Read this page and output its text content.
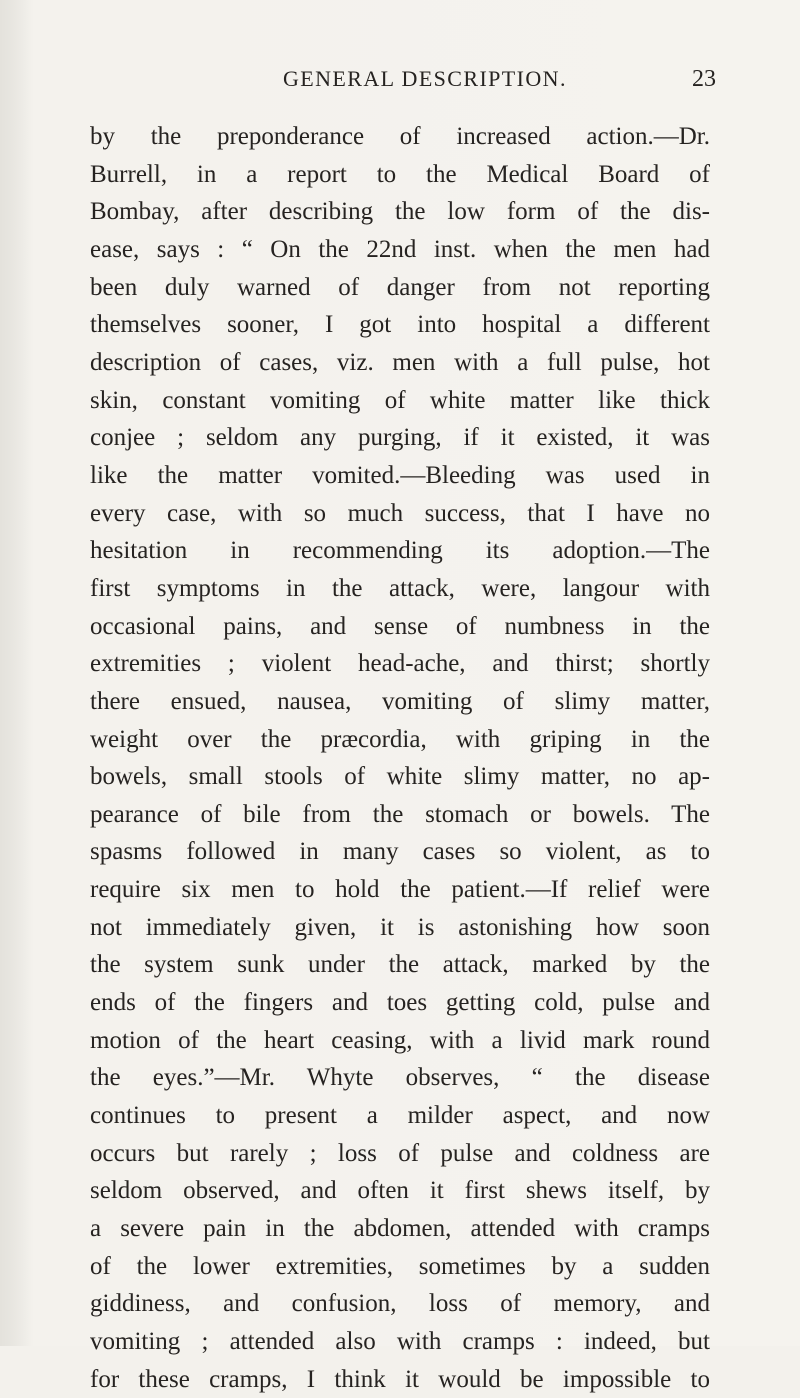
GENERAL DESCRIPTION.	23
by the preponderance of increased action.—Dr.
Burrell, in a report to the Medical Board of
Bombay, after describing the low form of the dis-
ease, says : “ On the 22nd inst. when the men had
been duly warned of danger from not reporting
themselves sooner, I got into hospital a different
description of cases, viz. men with a full pulse, hot
skin, constant vomiting of white matter like thick
conjee ; seldom any purging, if it existed, it was
like the matter vomited.—Bleeding was used in
every case, with so much success, that I have no
hesitation in recommending its adoption.—The
first symptoms in the attack, were, langour with
occasional pains, and sense of numbness in the
extremities ; violent head-ache, and thirst; shortly
there ensued, nausea, vomiting of slimy matter,
weight over the præcordia, with griping in the
bowels, small stools of white slimy matter, no ap-
pearance of bile from the stomach or bowels. The
spasms followed in many cases so violent, as to
require six men to hold the patient.—If relief were
not immediately given, it is astonishing how soon
the system sunk under the attack, marked by the
ends of the fingers and toes getting cold, pulse and
motion of the heart ceasing, with a livid mark round
the eyes.”—Mr. Whyte observes, “ the disease
continues to present a milder aspect, and now
occurs but rarely ; loss of pulse and coldness are
seldom observed, and often it first shews itself, by
a severe pain in the abdomen, attended with cramps
of the lower extremities, sometimes by a sudden
giddiness, and confusion, loss of memory, and
vomiting ; attended also with cramps : indeed, but
for these cramps, I think it would be impossible to
